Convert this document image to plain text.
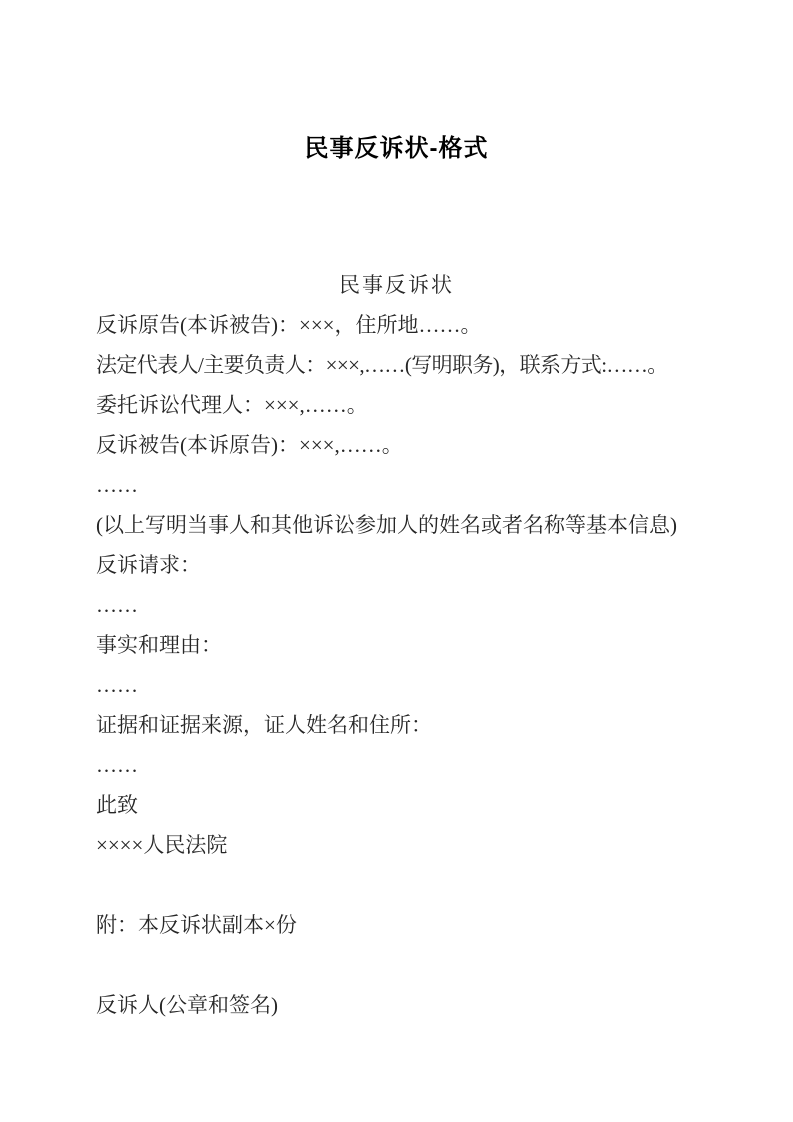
民事反诉状-格式

民事反诉状

反诉原告(本诉被告)：×××，住所地……。

法定代表人/主要负责人：×××,……(写明职务)，联系方式:……。

委托诉讼代理人：×××,……。

反诉被告(本诉原告)：×××,……。

……

(以上写明当事人和其他诉讼参加人的姓名或者名称等基本信息)

反诉请求：

……

事实和理由：

……

证据和证据来源，证人姓名和住所：

……

此致

××××人民法院

附：本反诉状副本×份

反诉人(公章和签名)
